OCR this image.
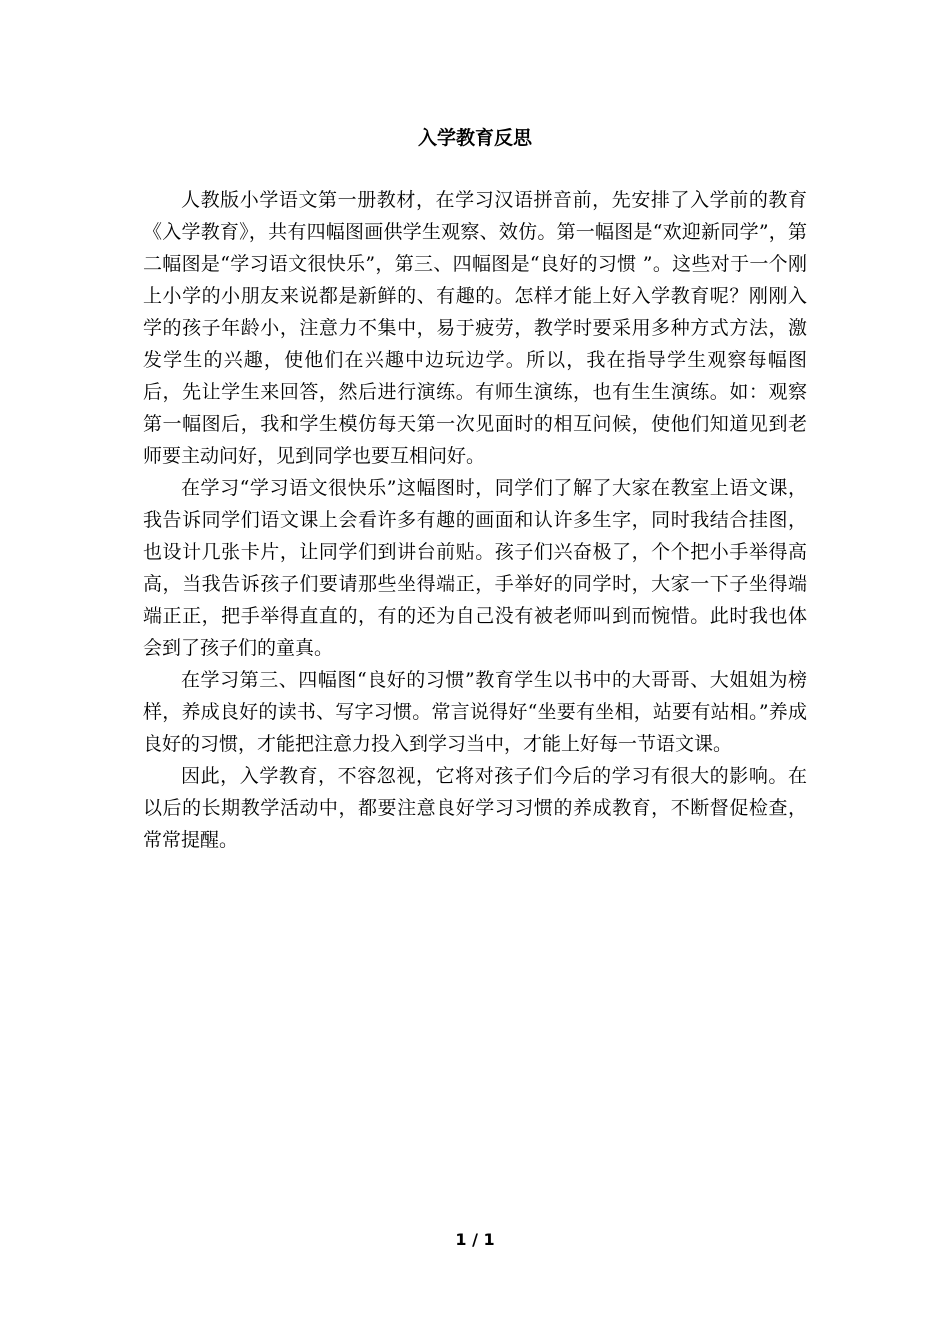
入学教育反思

人教版小学语文第一册教材，在学习汉语拼音前，先安排了入学前的教育《入学教育》，共有四幅图画供学生观察、效仿。第一幅图是“欢迎新同学”，第二幅图是“学习语文很快乐”，第三、四幅图是“良好的习惯 ”。这些对于一个刚上小学的小朋友来说都是新鲜的、有趣的。怎样才能上好入学教育呢？刚刚入学的孩子年龄小，注意力不集中，易于疲劳，教学时要采用多种方式方法，激发学生的兴趣，使他们在兴趣中边玩边学。所以，我在指导学生观察每幅图后，先让学生来回答，然后进行演练。有师生演练，也有生生演练。如：观察第一幅图后，我和学生模仿每天第一次见面时的相互问候，使他们知道见到老师要主动问好，见到同学也要互相问好。

在学习“学习语文很快乐”这幅图时，同学们了解了大家在教室上语文课，我告诉同学们语文课上会看许多有趣的画面和认许多生字，同时我结合挂图，也设计几张卡片，让同学们到讲台前贴。孩子们兴奋极了，个个把小手举得高高，当我告诉孩子们要请那些坐得端正，手举好的同学时，大家一下子坐得端端正正，把手举得直直的，有的还为自己没有被老师叫到而惋惜。此时我也体会到了孩子们的童真。

在学习第三、四幅图“良好的习惯”教育学生以书中的大哥哥、大姐姐为榜样，养成良好的读书、写字习惯。常言说得好“坐要有坐相，站要有站相。”养成良好的习惯，才能把注意力投入到学习当中，才能上好每一节语文课。

因此，入学教育，不容忽视，它将对孩子们今后的学习有很大的影响。在以后的长期教学活动中，都要注意良好学习习惯的养成教育，不断督促检查，常常提醒。

1 / 1
